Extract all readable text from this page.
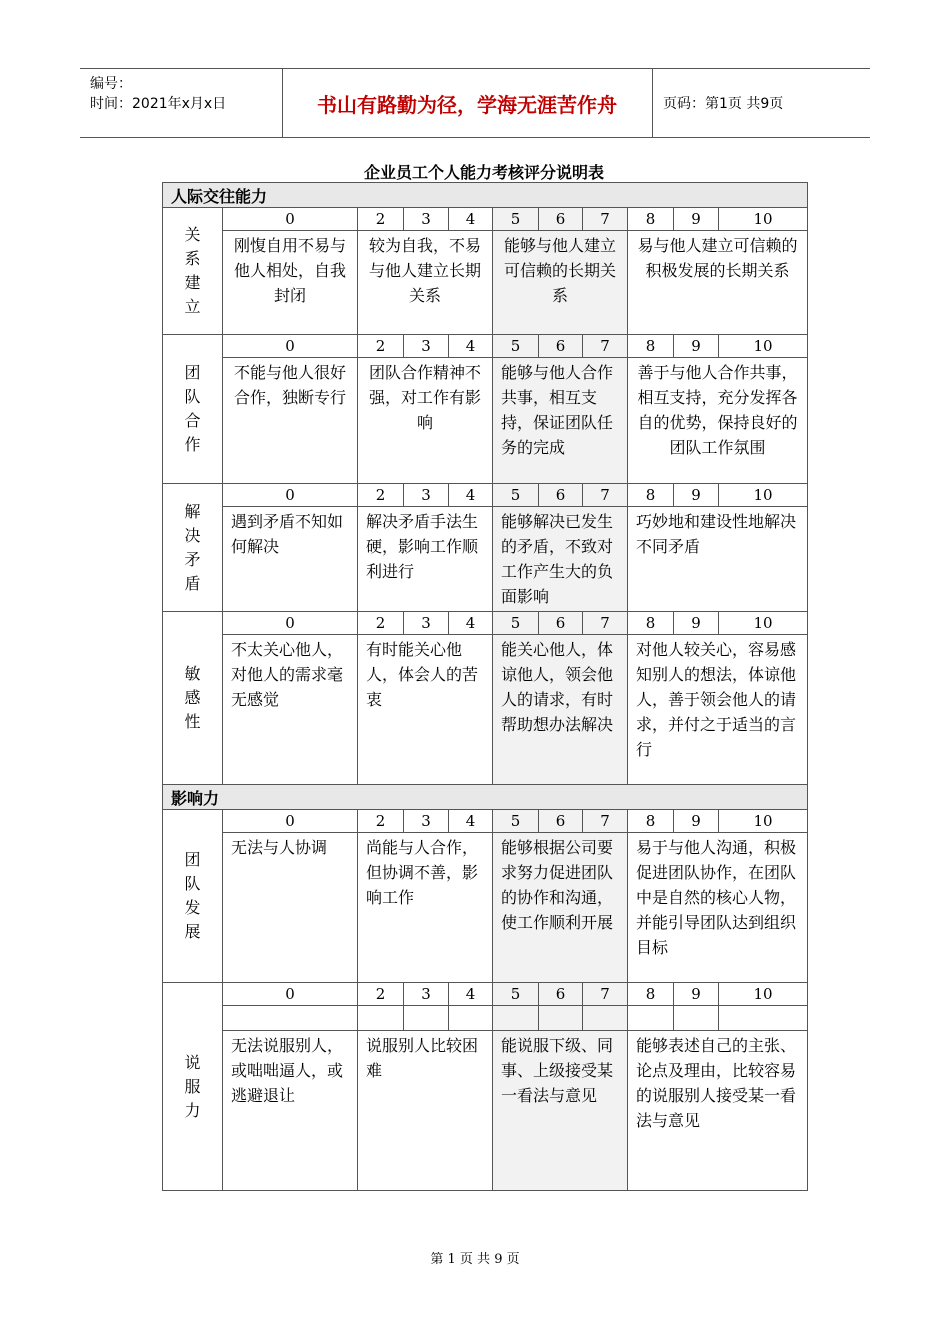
编号：
时间：2021年x月x日	书山有路勤为径，学海无涯苦作舟	页码：第1页 共9页
企业员工个人能力考核评分说明表
人际交往能力										
关系建立	0	2	3	4	5	6	7	8	9	10
	刚愎自用不易与他人相处，自我封闭	较为自我，不易与他人建立长期关系			能够与他人建立可信赖的长期关系			易与他人建立可信赖的积极发展的长期关系		
团队合作	0	2	3	4	5	6	7	8	9	10
	不能与他人很好合作，独断专行	团队合作精神不强，对工作有影响			能够与他人合作共事，相互支持，保证团队任务的完成			善于与他人合作共事，相互支持，充分发挥各自的优势，保持良好的团队工作氛围		
解决矛盾	0	2	3	4	5	6	7	8	9	10
	遇到矛盾不知如何解决	解决矛盾手法生硬，影响工作顺利进行			能够解决已发生的矛盾，不致对工作产生大的负面影响			巧妙地和建设性地解决不同矛盾		
敏感性	0	2	3	4	5	6	7	8	9	10
	不太关心他人，对他人的需求毫无感觉	有时能关心他人，体会人的苦衷			能关心他人，体谅他人，领会他人的请求，有时帮助想办法解决			对他人较关心，容易感知别人的想法，体谅他人，善于领会他人的请求，并付之于适当的言行		
影响力										
团队发展	0	2	3	4	5	6	7	8	9	10
	无法与人协调	尚能与人合作，但协调不善，影响工作			能够根据公司要求努力促进团队的协作和沟通，使工作顺利开展			易于与他人沟通，积极促进团队协作，在团队中是自然的核心人物，并能引导团队达到组织目标		
说服力	0	2	3	4	5	6	7	8	9	10

	无法说服别人，或咄咄逼人，或逃避退让	说服别人比较困难			能说服下级、同事、上级接受某一看法与意见			能够表述自己的主张、论点及理由，比较容易的说服别人接受某一看法与意见		
第 1 页 共 9 页
